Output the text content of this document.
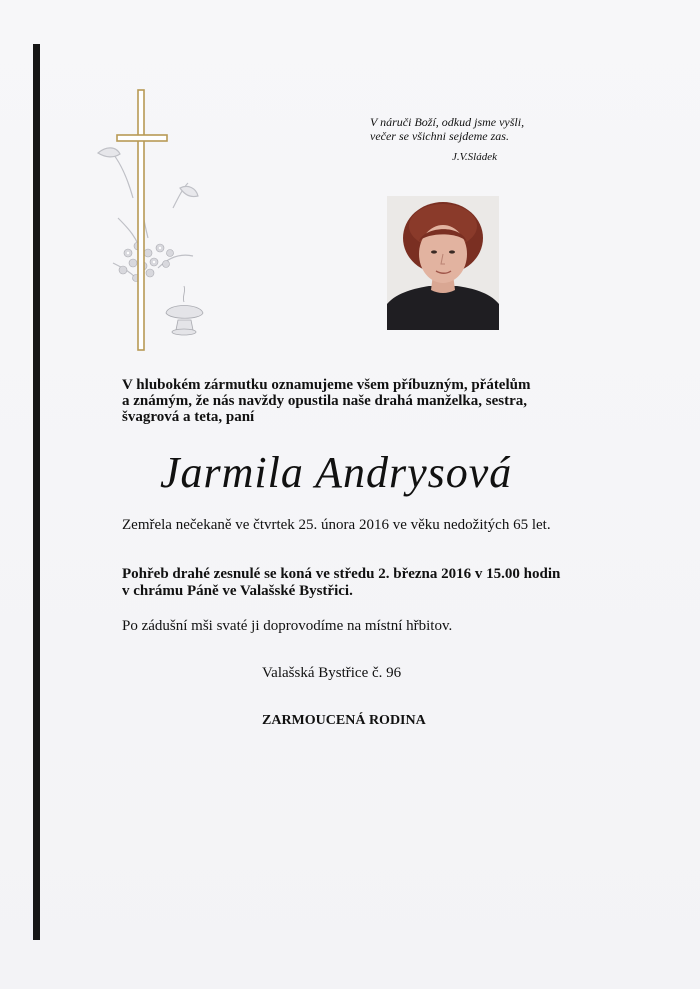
V náruči Boží, odkud jsme vyšli,
večer se všichni sejdeme zas.
J.V.Sládek
V hlubokém zármutku oznamujeme všem příbuzným, přátelům
a známým, že nás navždy opustila naše drahá manželka, sestra,
švagrová a teta, paní
Jarmila Andrysová
Zemřela nečekaně ve čtvrtek 25. února 2016 ve věku nedožitých 65 let.
Pohřeb drahé zesnulé se koná ve středu 2. března 2016 v 15.00 hodin
v chrámu Páně ve Valašské Bystřici.
Po zádušní mši svaté ji doprovodíme na místní hřbitov.
Valašská Bystřice č. 96
ZARMOUCENÁ RODINA
